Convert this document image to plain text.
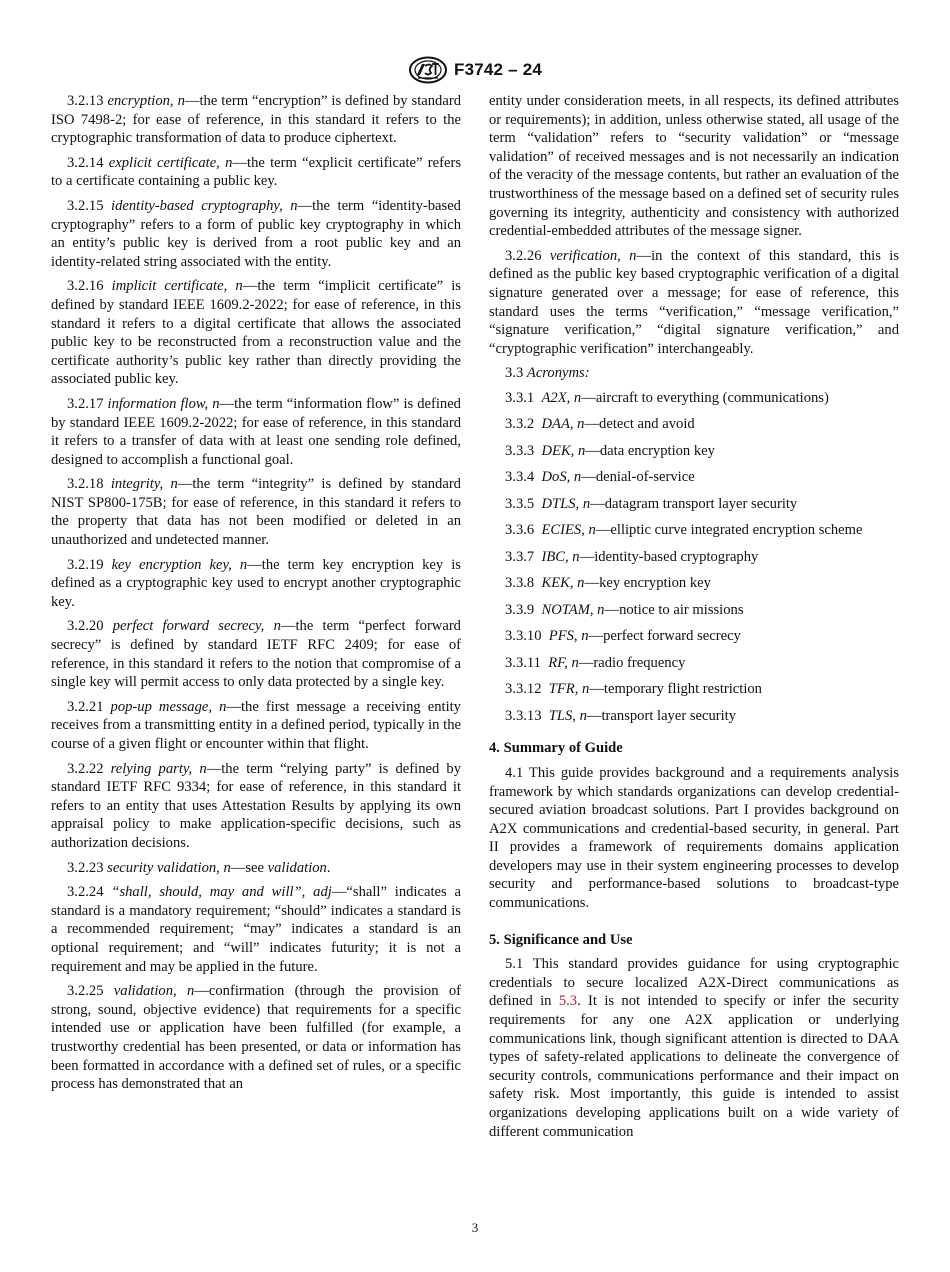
F3742 – 24

3.2.13 encryption, n—the term “encryption” is defined by standard ISO 7498-2; for ease of reference, in this standard it refers to the cryptographic transformation of data to produce ciphertext.

3.2.14 explicit certificate, n—the term “explicit certificate” refers to a certificate containing a public key.

3.2.15 identity-based cryptography, n—the term “identity-based cryptography” refers to a form of public key cryptography in which an entity’s public key is derived from a root public key and an identity-related string associated with the entity.

3.2.16 implicit certificate, n—the term “implicit certificate” is defined by standard IEEE 1609.2-2022; for ease of reference, in this standard it refers to a digital certificate that allows the associated public key to be reconstructed from a reconstruction value and the certificate authority’s public key rather than directly providing the associated public key.

3.2.17 information flow, n—the term “information flow” is defined by standard IEEE 1609.2-2022; for ease of reference, in this standard it refers to a transfer of data with at least one sending role defined, designed to accomplish a functional goal.

3.2.18 integrity, n—the term “integrity” is defined by standard NIST SP800-175B; for ease of reference, in this standard it refers to the property that data has not been modified or deleted in an unauthorized and undetected manner.

3.2.19 key encryption key, n—the term key encryption key is defined as a cryptographic key used to encrypt another cryptographic key.

3.2.20 perfect forward secrecy, n—the term “perfect forward secrecy” is defined by standard IETF RFC 2409; for ease of reference, in this standard it refers to the notion that compromise of a single key will permit access to only data protected by a single key.

3.2.21 pop-up message, n—the first message a receiving entity receives from a transmitting entity in a defined period, typically in the course of a given flight or encounter within that flight.

3.2.22 relying party, n—the term “relying party” is defined by standard IETF RFC 9334; for ease of reference, in this standard it refers to an entity that uses Attestation Results by applying its own appraisal policy to make application-specific decisions, such as authorization decisions.

3.2.23 security validation, n—see validation.

3.2.24 “shall, should, may and will”, adj—“shall” indicates a standard is a mandatory requirement; “should” indicates a standard is a recommended requirement; “may” indicates a standard is an optional requirement; and “will” indicates futurity; it is not a requirement and may be applied in the future.

3.2.25 validation, n—confirmation (through the provision of strong, sound, objective evidence) that requirements for a specific intended use or application have been fulfilled (for example, a trustworthy credential has been presented, or data or information has been formatted in accordance with a defined set of rules, or a specific process has demonstrated that an

entity under consideration meets, in all respects, its defined attributes or requirements); in addition, unless otherwise stated, all usage of the term “validation” refers to “security validation” or “message validation” of received messages and is not necessarily an indication of the veracity of the message contents, but rather an evaluation of the trustworthiness of the message based on a defined set of security rules governing its integrity, authenticity and consistency with authorized credential-embedded attributes of the message signer.

3.2.26 verification, n—in the context of this standard, this is defined as the public key based cryptographic verification of a digital signature generated over a message; for ease of reference, this standard uses the terms “verification,” “message verification,” “signature verification,” “digital signature verification,” and “cryptographic verification” interchangeably.

3.3 Acronyms:

3.3.1 A2X, n—aircraft to everything (communications)

3.3.2 DAA, n—detect and avoid

3.3.3 DEK, n—data encryption key

3.3.4 DoS, n—denial-of-service

3.3.5 DTLS, n—datagram transport layer security

3.3.6 ECIES, n—elliptic curve integrated encryption scheme

3.3.7 IBC, n—identity-based cryptography

3.3.8 KEK, n—key encryption key

3.3.9 NOTAM, n—notice to air missions

3.3.10 PFS, n—perfect forward secrecy

3.3.11 RF, n—radio frequency

3.3.12 TFR, n—temporary flight restriction

3.3.13 TLS, n—transport layer security

4. Summary of Guide

4.1 This guide provides background and a requirements analysis framework by which standards organizations can develop credential-secured aviation broadcast solutions. Part I provides background on A2X communications and credential-based security, in general. Part II provides a framework of requirements domains application developers may use in their system engineering processes to develop security and performance-based solutions to broadcast-type communications.

5. Significance and Use

5.1 This standard provides guidance for using cryptographic credentials to secure localized A2X-Direct communications as defined in 5.3. It is not intended to specify or infer the security requirements for any one A2X application or underlying communications link, though significant attention is directed to DAA types of safety-related applications to delineate the convergence of security controls, communications performance and their impact on safety risk. Most importantly, this guide is intended to assist organizations developing applications built on a wide variety of different communication

3
